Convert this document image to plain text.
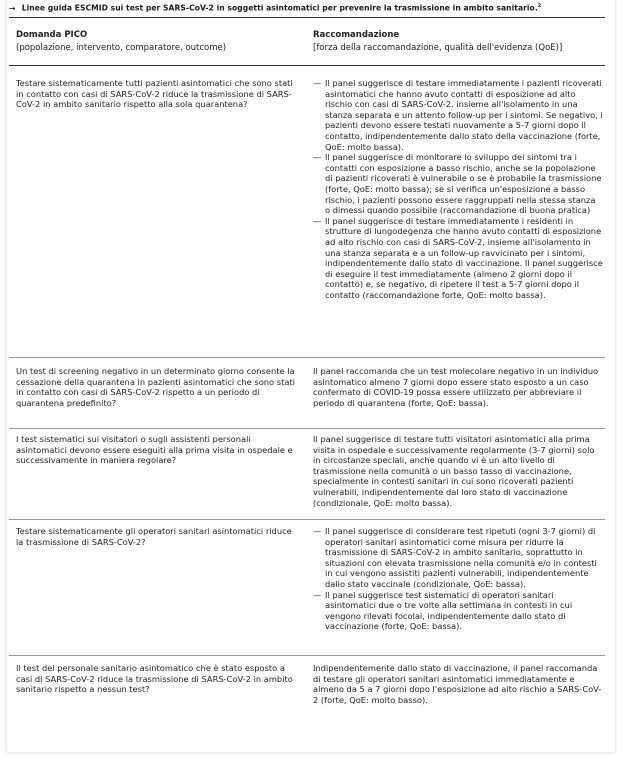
→ Linee guida ESCMID sui test per SARS-CoV-2 in soggetti asintomatici per prevenire la trasmissione in ambito sanitario.$^2$
Domanda PICO
(popolazione, intervento, comparatore, outcome)
Raccomandazione
[forza della raccomandazione, qualità dell'evidenza (QoE)]
Testare sistematicamente tutti pazienti asintomatici che sono stati in contatto con casi di SARS-CoV-2 riduce la trasmissione di SARS-CoV-2 in ambito sanitario rispetto alla sola quarantena?
— Il panel suggerisce di testare immediatamente i pazienti ricoverati asintomatici che hanno avuto contatti di esposizione ad alto rischio con casi di SARS-CoV-2, insieme all'isolamento in una stanza separata e un attento follow-up per i sintomi. Se negativo, i pazienti devono essere testati nuovamente a 5-7 giorni dopo il contatto, indipendentemente dallo stato della vaccinazione (forte, QoE: molto bassa).
— Il panel suggerisce di monitorare lo sviluppo dei sintomi tra i contatti con esposizione a basso rischio, anche se la popolazione di pazienti ricoverati è vulnerabile o se è probabile la trasmissione (forte, QoE: molto bassa); se si verifica un'esposizione a basso rischio, i pazienti possono essere raggruppati nella stessa stanza o dimessi quando possibile (raccomandazione di buona pratica)
— Il panel suggerisce di testare immediatamente i residenti in strutture di lungodegenza che hanno avuto contatti di esposizione ad alto rischio con casi di SARS-CoV-2, insieme all'isolamento in una stanza separata e a un follow-up ravvicinato per i sintomi, indipendentemente dallo stato di vaccinazione. Il panel suggerisce di eseguire il test immediatamente (almeno 2 giorni dopo il contatto) e, se negativo, di ripetere il test a 5-7 giorni dopo il contatto (raccomandazione forte, QoE: molto bassa).
Un test di screening negativo in un determinato giorno consente la cessazione della quarantena in pazienti asintomatici che sono stati in contatto con casi di SARS-CoV-2 rispetto a un periodo di quarantena predefinito?
Il panel raccomanda che un test molecolare negativo in un individuo asintomatico almeno 7 giorni dopo essere stato esposto a un caso confermato di COVID-19 possa essere utilizzato per abbreviare il periodo di quarantena (forte, QoE: bassa).
I test sistematici sui visitatori o sugli assistenti personali asintomatici devono essere eseguiti alla prima visita in ospedale e successivamente in maniera regolare?
Il panel suggerisce di testare tutti visitatori asintomatici alla prima visita in ospedale e successivamente regolarmente (3-7 giorni) solo in circostanze speciali, anche quando vi è un alto livello di trasmissione nella comunità o un basso tasso di vaccinazione, specialmente in contesti sanitari in cui sono ricoverati pazienti vulnerabili, indipendentemente dal loro stato di vaccinazione (condizionale, QoE: molto bassa).
Testare sistematicamente gli operatori sanitari asintomatici riduce la trasmissione di SARS-CoV-2?
— Il panel suggerisce di considerare test ripetuti (ogni 3-7 giorni) di operatori sanitari asintomatici come misura per ridurre la trasmissione di SARS-CoV-2 in ambito sanitario, soprattutto in situazioni con elevata trasmissione nella comunità e/o in contesti in cui vengono assistiti pazienti vulnerabili, indipendentemente dallo stato vaccinale (condizionale, QoE: bassa).
— Il panel suggerisce test sistematici di operatori sanitari asintomatici due o tre volte alla settimana in contesti in cui vengono rilevati focolai, indipendentemente dallo stato di vaccinazione (forte, QoE: bassa).
Il test del personale sanitario asintomatico che è stato esposto a casi di SARS-CoV-2 riduce la trasmissione di SARS-CoV-2 in ambito sanitario rispetto a nessun test?
Indipendentemente dallo stato di vaccinazione, il panel raccomanda di testare gli operatori sanitari asintomatici immediatamente e almeno da 5 a 7 giorni dopo l'esposizione ad alto rischio a SARS-CoV-2 (forte, QoE: molto basso).
